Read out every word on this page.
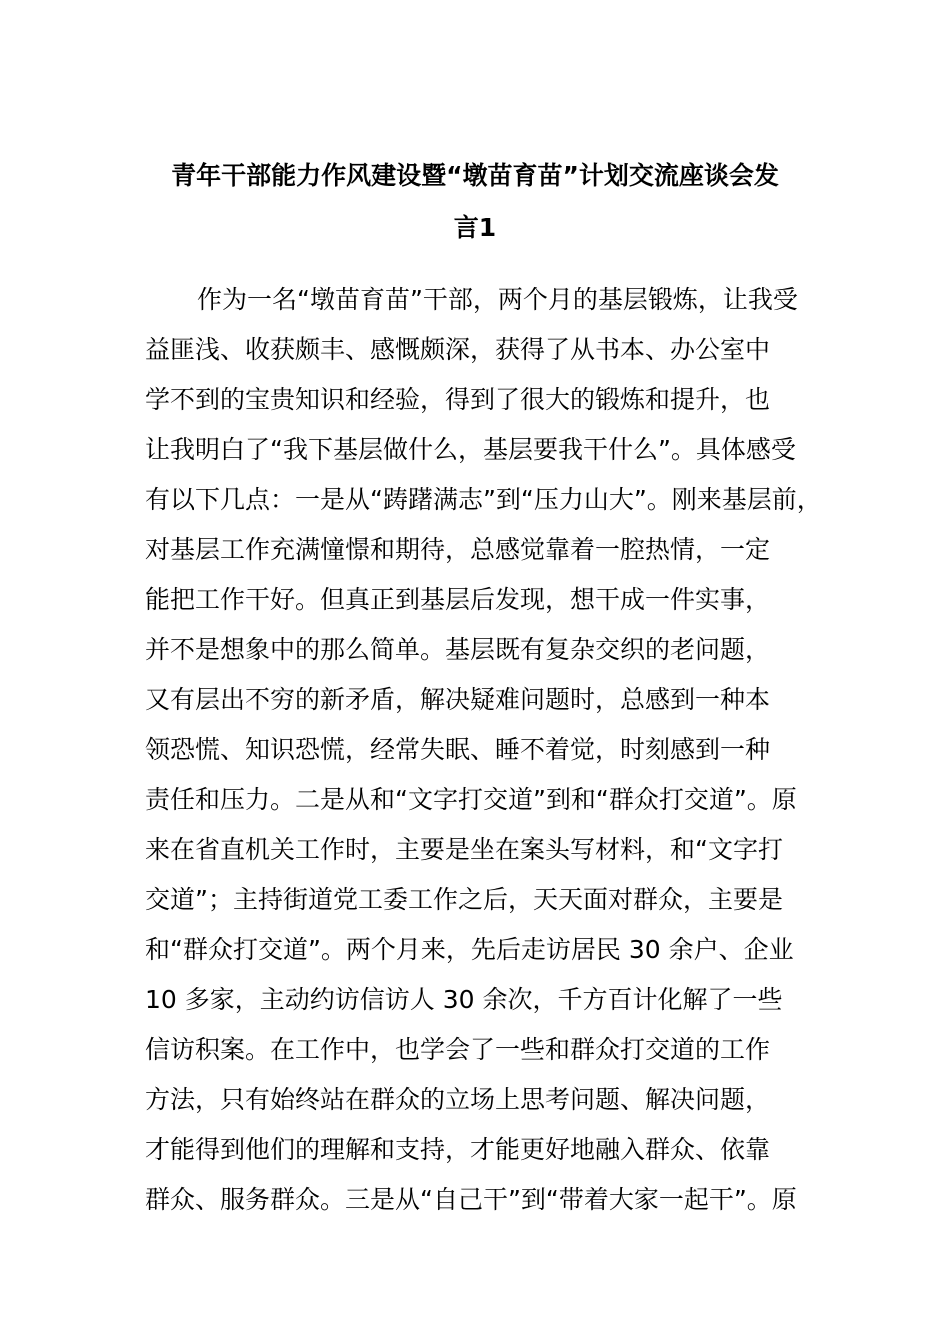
青年干部能力作风建设暨“墩苗育苗”计划交流座谈会发
言1
作为一名“墩苗育苗”干部，两个月的基层锻炼，让我受
益匪浅、收获颇丰、感慨颇深，获得了从书本、办公室中
学不到的宝贵知识和经验，得到了很大的锻炼和提升，也
让我明白了“我下基层做什么，基层要我干什么”。具体感受
有以下几点：一是从“踌躇满志”到“压力山大”。刚来基层前，
对基层工作充满憧憬和期待，总感觉靠着一腔热情，一定
能把工作干好。但真正到基层后发现，想干成一件实事，
并不是想象中的那么简单。基层既有复杂交织的老问题，
又有层出不穷的新矛盾，解决疑难问题时，总感到一种本
领恐慌、知识恐慌，经常失眠、睡不着觉，时刻感到一种
责任和压力。二是从和“文字打交道”到和“群众打交道”。原
来在省直机关工作时，主要是坐在案头写材料，和“文字打
交道”；主持街道党工委工作之后，天天面对群众，主要是
和“群众打交道”。两个月来，先后走访居民 30 余户、企业
10 多家，主动约访信访人 30 余次，千方百计化解了一些
信访积案。在工作中，也学会了一些和群众打交道的工作
方法，只有始终站在群众的立场上思考问题、解决问题，
才能得到他们的理解和支持，才能更好地融入群众、依靠
群众、服务群众。三是从“自己干”到“带着大家一起干”。原
